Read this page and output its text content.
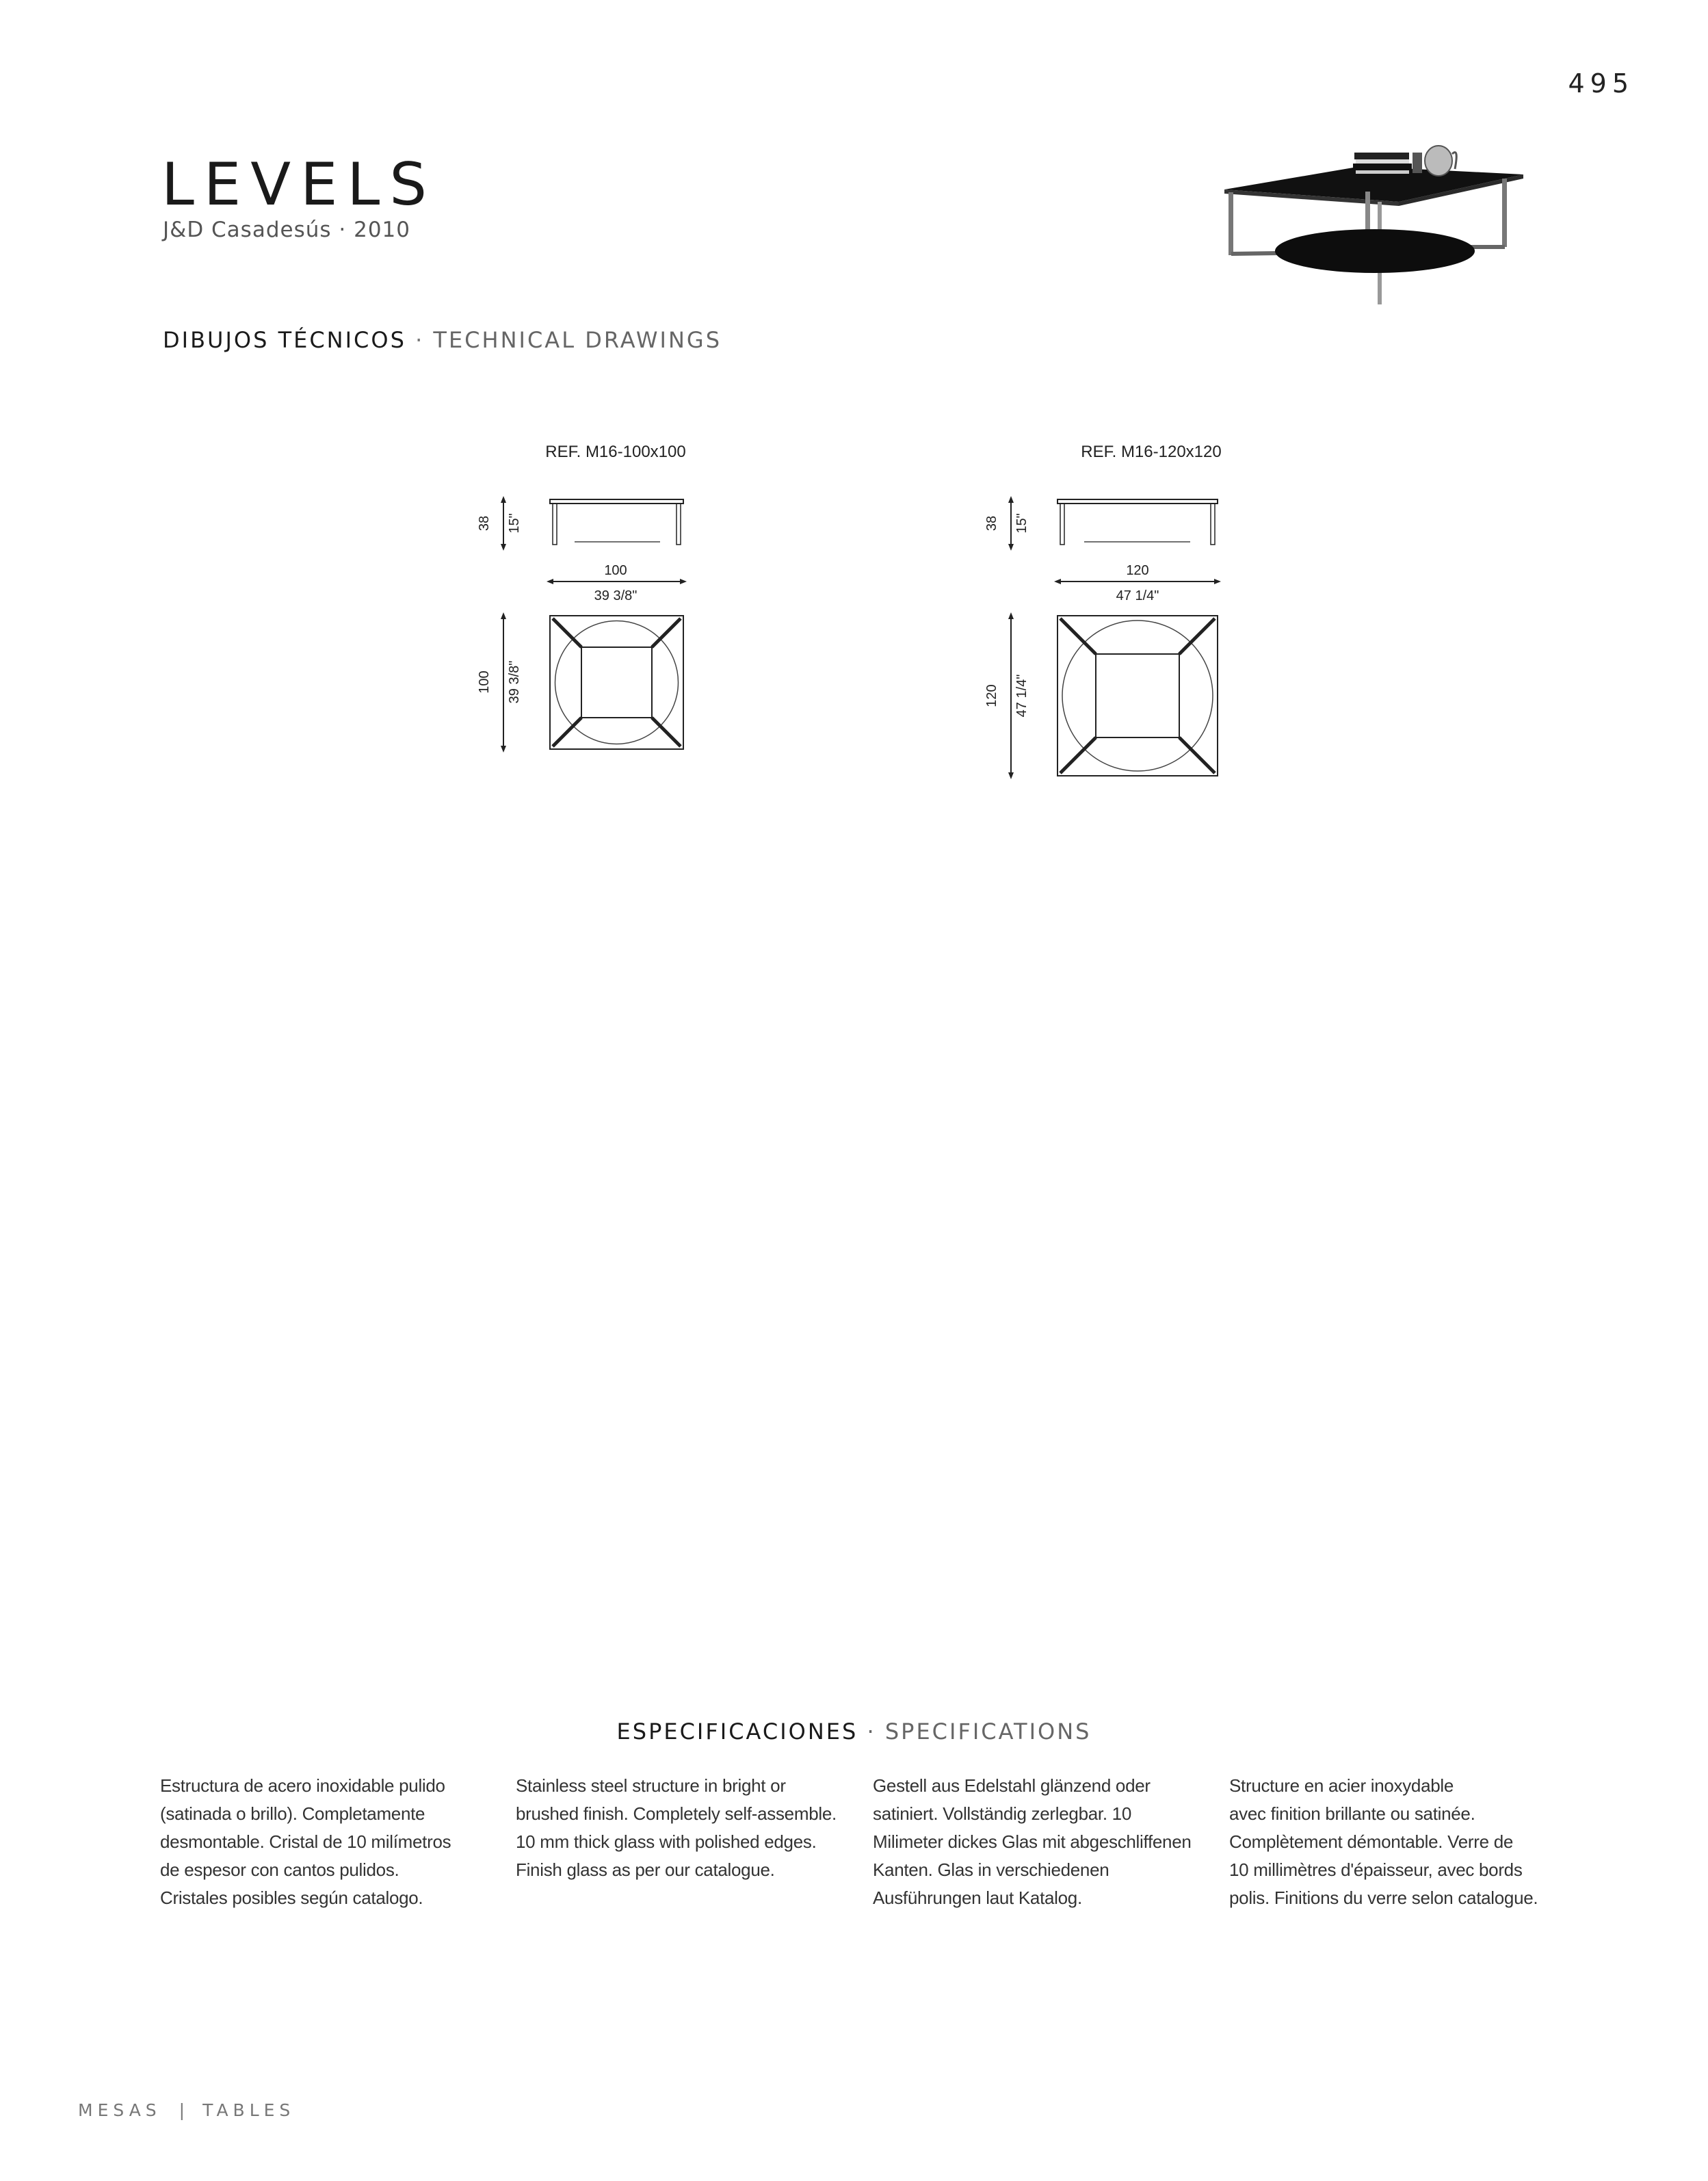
495
LEVELS
J&D Casadesús · 2010
DIBUJOS TÉCNICOS · TECHNICAL DRAWINGS
REF. M16-100x100
38 15"
100
39 3/8"
100 39 3/8"
REF. M16-120x120
38 15"
120
47 1/4"
120 47 1/4"
ESPECIFICACIONES · SPECIFICATIONS
Estructura de acero inoxidable pulido
(satinada o brillo). Completamente
desmontable. Cristal de 10 milímetros
de espesor con cantos pulidos.
Cristales posibles según catalogo.
Stainless steel structure in bright or
brushed finish. Completely self-assemble.
10 mm thick glass with polished edges.
Finish glass as per our catalogue.
Gestell aus Edelstahl glänzend oder
satiniert. Vollständig zerlegbar. 10
Milimeter dickes Glas mit abgeschliffenen
Kanten. Glas in verschiedenen
Ausführungen laut Katalog.
Structure en acier inoxydable
avec finition brillante ou satinée.
Complètement démontable. Verre de
10 millimètres d'épaisseur, avec bords
polis. Finitions du verre selon catalogue.
MESAS | TABLES
